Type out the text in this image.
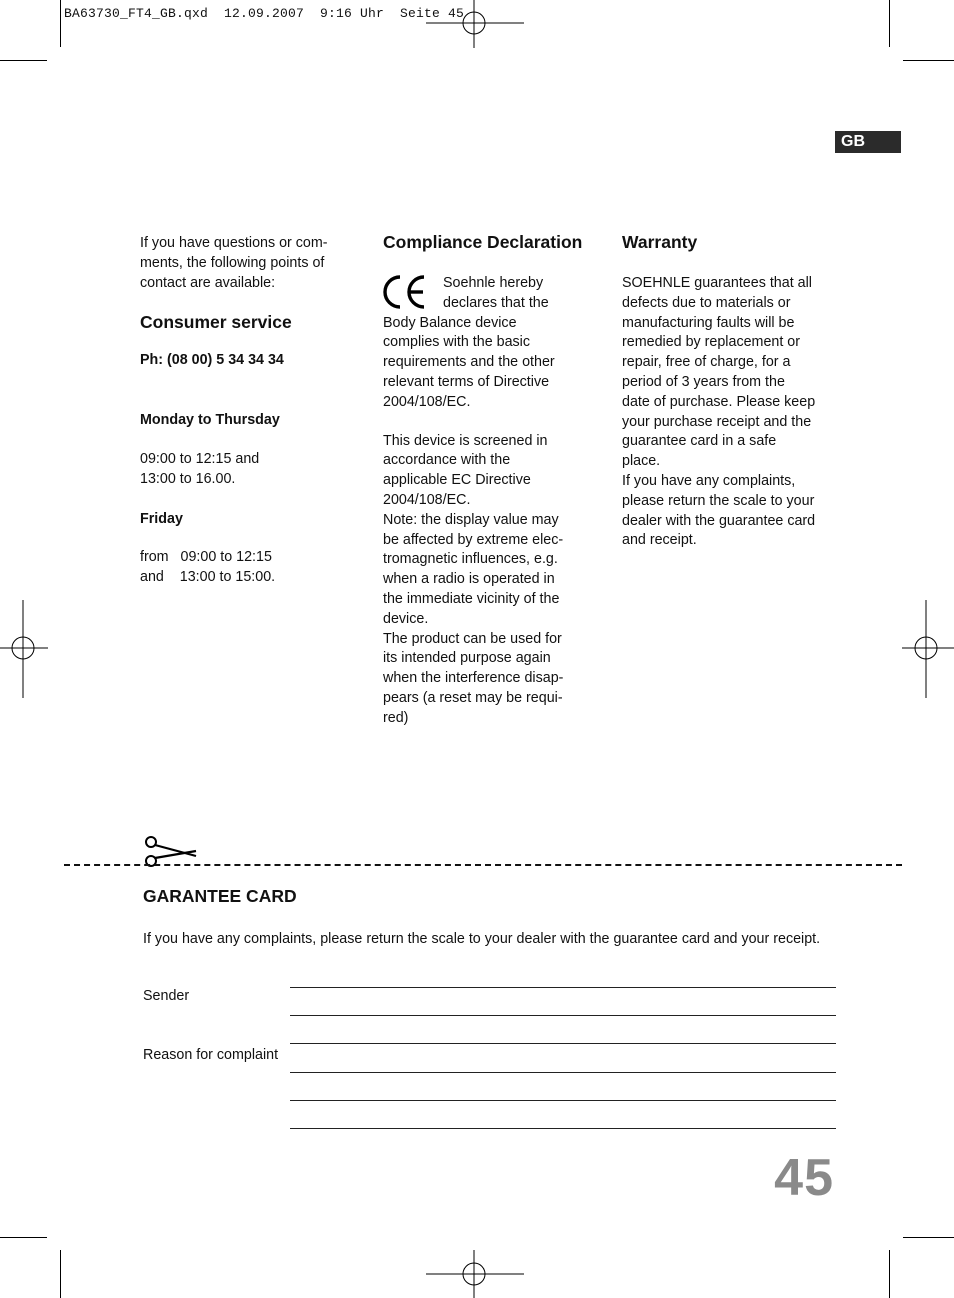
BA63730_FT4_GB.qxd  12.09.2007  9:16 Uhr  Seite 45
GB

If you have questions or com-
ments, the following points of
contact are available:

Consumer service

Ph: (08 00) 5 34 34 34

Monday to Thursday

09:00 to 12:15 and
13:00 to 16.00.

Friday

from   09:00 to 12:15
and    13:00 to 15:00.

Compliance Declaration

Soehnle hereby
declares that the

Body Balance device
complies with the basic
requirements and the other
relevant terms of Directive
2004/108/EC.

This device is screened in
accordance with the
applicable EC Directive
2004/108/EC.
Note: the display value may
be affected by extreme elec-
tromagnetic influences, e.g.
when a radio is operated in
the immediate vicinity of the
device.
The product can be used for
its intended purpose again
when the interference disap-
pears (a reset may be requi-
red)

Warranty

SOEHNLE guarantees that all
defects due to materials or
manufacturing faults will be
remedied by replacement or
repair, free of charge, for a
period of 3 years from the
date of purchase. Please keep
your purchase receipt and the
guarantee card in a safe
place.
If you have any complaints,
please return the scale to your
dealer with the guarantee card
and receipt.

GARANTEE CARD
If you have any complaints, please return the scale to your dealer with the guarantee card and your receipt.
Sender
Reason for complaint
45
